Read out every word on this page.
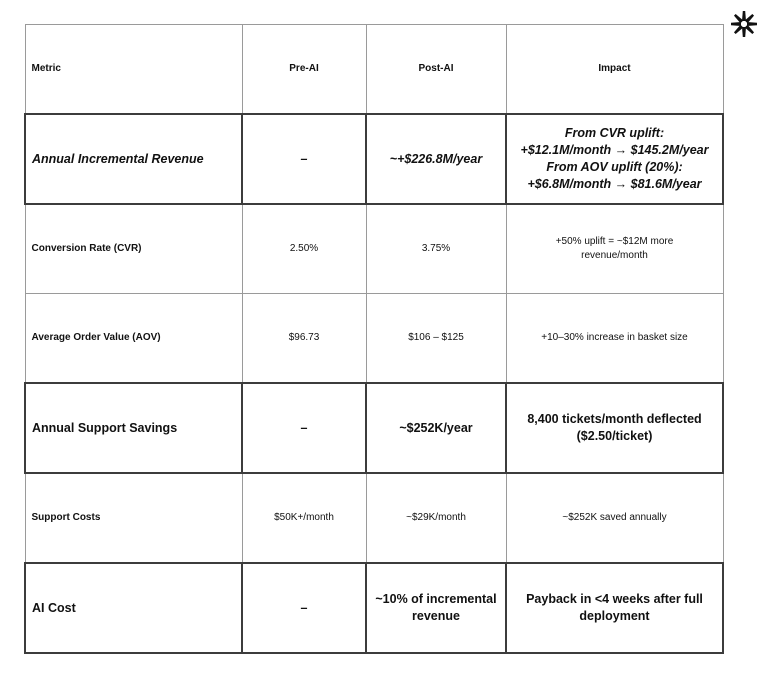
Metric	Pre-AI	Post-AI	Impact
Annual Incremental Revenue	–	~+$226.8M/year	From CVR uplift:
+$12.1M/month → $145.2M/year
From AOV uplift (20%):
+$6.8M/month → $81.6M/year

Conversion Rate (CVR)	2.50%	3.75%	+50% uplift = ~$12M more
revenue/month

Average Order Value (AOV)	$96.73	$106 – $125	+10–30% increase in basket size

Annual Support Savings	–	~$252K/year	8,400 tickets/month deflected
($2.50/ticket)

Support Costs	$50K+/month	~$29K/month	~$252K saved annually

AI Cost	–	~10% of incremental revenue	Payback in <4 weeks after full
deployment
